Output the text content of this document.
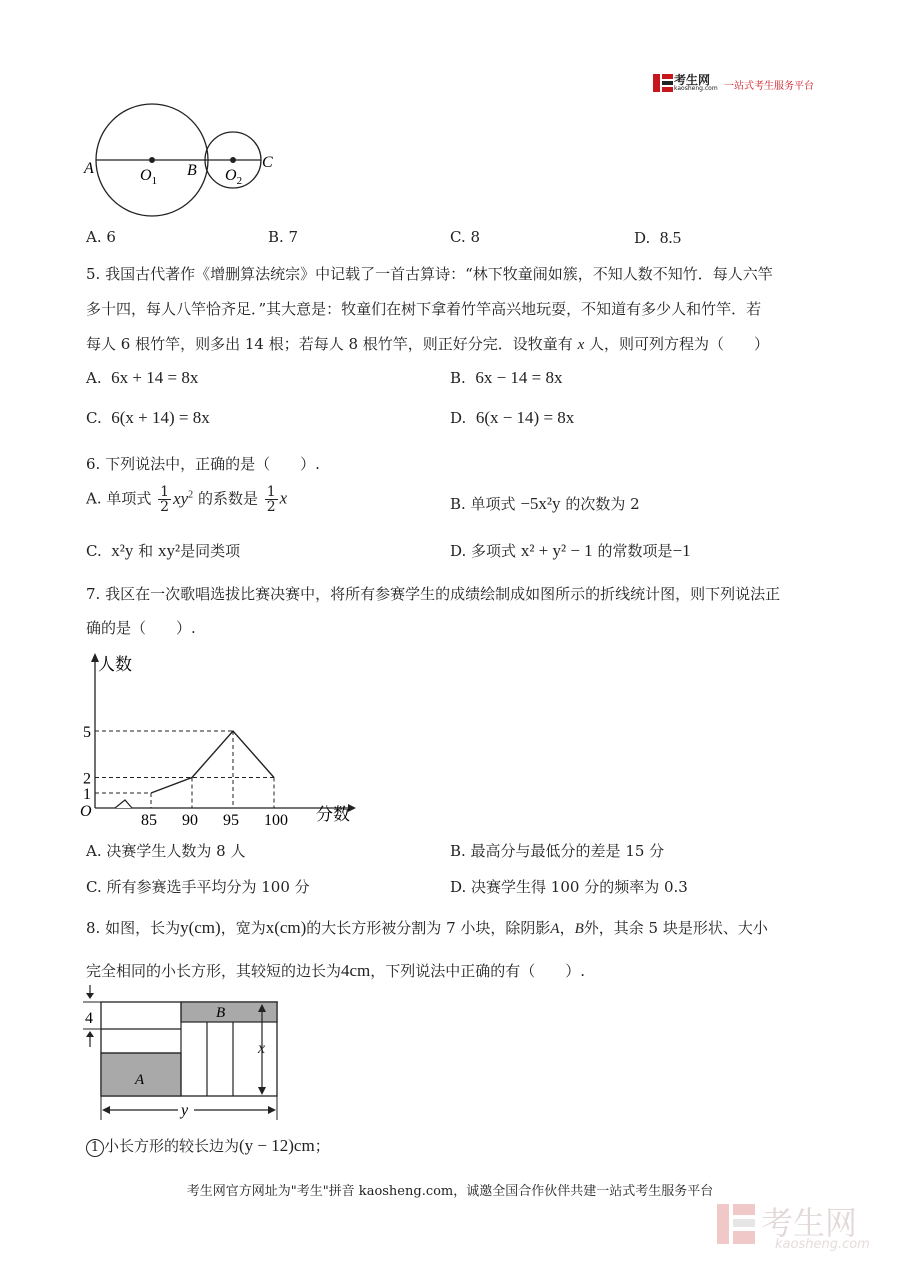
考生网
kaosheng.com 一站式考生服务平台
A	$O_1$
B $O_2$
C
A. 6	B. 7	C. 8	D. 8.5
5. 我国古代著作《增删算法统宗》中记载了一首古算诗：“林下牧童闹如簇，不知人数不知竹．每人六竿
多十四，每人八竿恰齐足．”其大意是：牧童们在树下拿着竹竿高兴地玩耍，不知道有多少人和竹竿．若
每人 6 根竹竿，则多出 14 根；若每人 8 根竹竿，则正好分完．设牧童有 x 人，则可列方程为（　　）
A. 6x + 14 = 8x	B. 6x − 14 = 8x
C. 6(x + 14) = 8x	D. 6(x − 14) = 8x
6. 下列说法中，正确的是（　　）.
A. 单项式 $\frac{1}{2} xy^2$ 的系数是 $\frac{1}{2}$ x	B. 单项式 −5x²y 的次数为 2
C. x²y 和 xy²是同类项	D. 多项式 x² + y² − 1 的常数项是−1
7. 我区在一次歌唱选拔比赛决赛中，将所有参赛学生的成绩绘制成如图所示的折线统计图，则下列说法正
确的是（　　）.
85 90 95 100
1
2
5
O
人数
分数
A. 决赛学生人数为 8 人	B. 最高分与最低分的差是 15 分
C. 所有参赛选手平均分为 100 分	D. 决赛学生得 100 分的频率为 0.3
8. 如图，长为y(cm)，宽为x(cm)的大长方形被分割为 7 小块，除阴影A，B外，其余 5 块是形状、大小
完全相同的小长方形，其较短的边长为4cm，下列说法中正确的有（　　）.
4
A
B
x
y
1 小长方形的较长边为(y − 12)cm；
考生网官方网址为"考生"拼音 kaosheng.com，诚邀全国合作伙伴共建一站式考生服务平台
考生网
kaosheng.com
